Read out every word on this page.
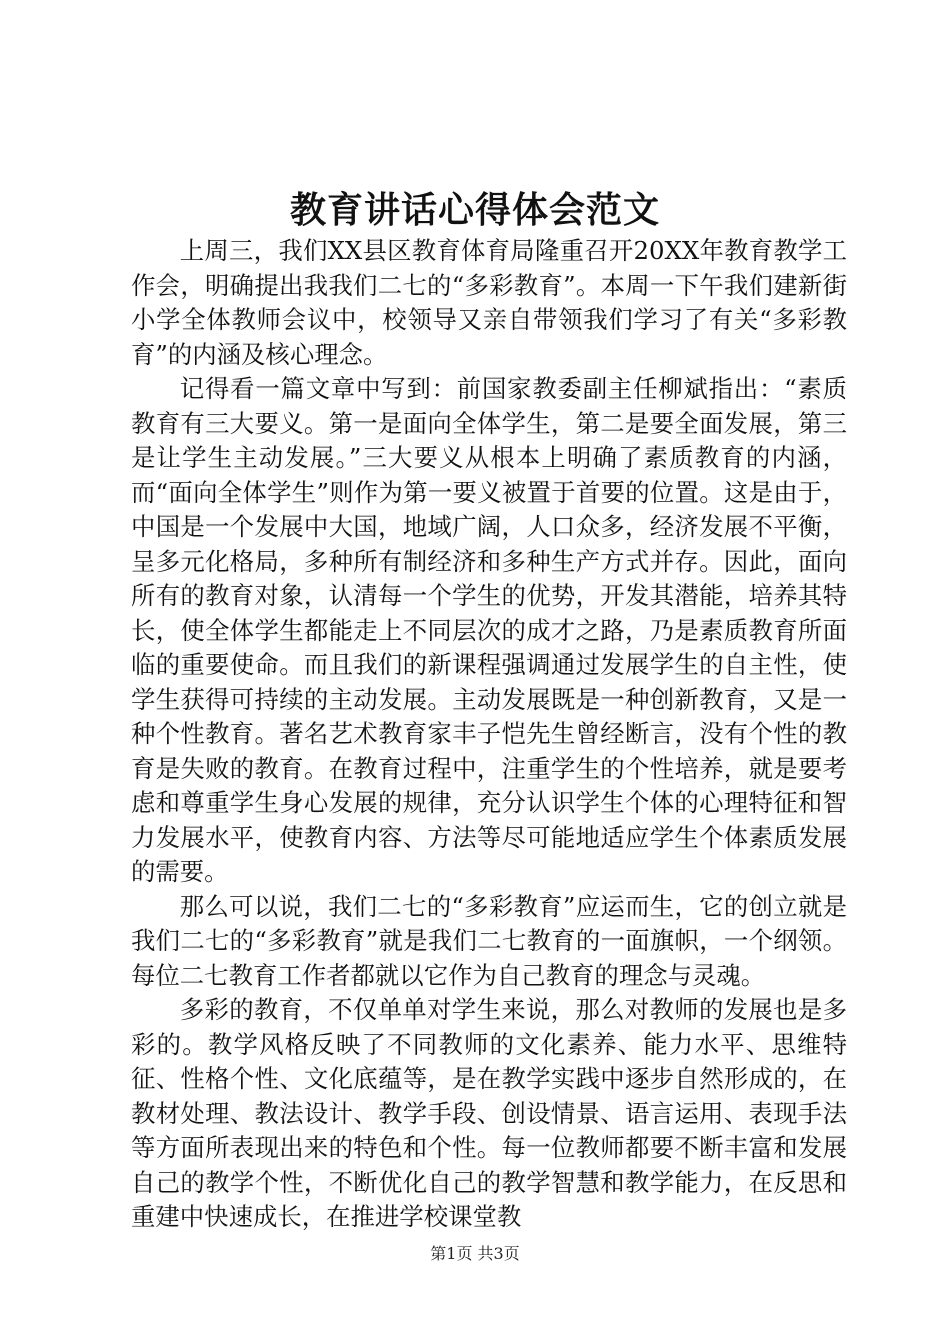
教育讲话心得体会范文

上周三，我们XX县区教育体育局隆重召开20XX年教育教学工作会，明确提出我我们二七的“多彩教育”。本周一下午我们建新街小学全体教师会议中，校领导又亲自带领我们学习了有关“多彩教育”的内涵及核心理念。

记得看一篇文章中写到：前国家教委副主任柳斌指出：“素质教育有三大要义。第一是面向全体学生，第二是要全面发展，第三是让学生主动发展。”三大要义从根本上明确了素质教育的内涵，而“面向全体学生”则作为第一要义被置于首要的位置。这是由于，中国是一个发展中大国，地域广阔，人口众多，经济发展不平衡，呈多元化格局，多种所有制经济和多种生产方式并存。因此，面向所有的教育对象，认清每一个学生的优势，开发其潜能，培养其特长，使全体学生都能走上不同层次的成才之路，乃是素质教育所面临的重要使命。而且我们的新课程强调通过发展学生的自主性，使学生获得可持续的主动发展。主动发展既是一种创新教育，又是一种个性教育。著名艺术教育家丰子恺先生曾经断言，没有个性的教育是失败的教育。在教育过程中，注重学生的个性培养，就是要考虑和尊重学生身心发展的规律，充分认识学生个体的心理特征和智力发展水平，使教育内容、方法等尽可能地适应学生个体素质发展的需要。

那么可以说，我们二七的“多彩教育”应运而生，它的创立就是我们二七的“多彩教育”就是我们二七教育的一面旗帜，一个纲领。每位二七教育工作者都就以它作为自己教育的理念与灵魂。

多彩的教育，不仅单单对学生来说，那么对教师的发展也是多彩的。教学风格反映了不同教师的文化素养、能力水平、思维特征、性格个性、文化底蕴等，是在教学实践中逐步自然形成的，在教材处理、教法设计、教学手段、创设情景、语言运用、表现手法等方面所表现出来的特色和个性。每一位教师都要不断丰富和发展自己的教学个性，不断优化自己的教学智慧和教学能力，在反思和重建中快速成长，在推进学校课堂教

第1页 共3页
